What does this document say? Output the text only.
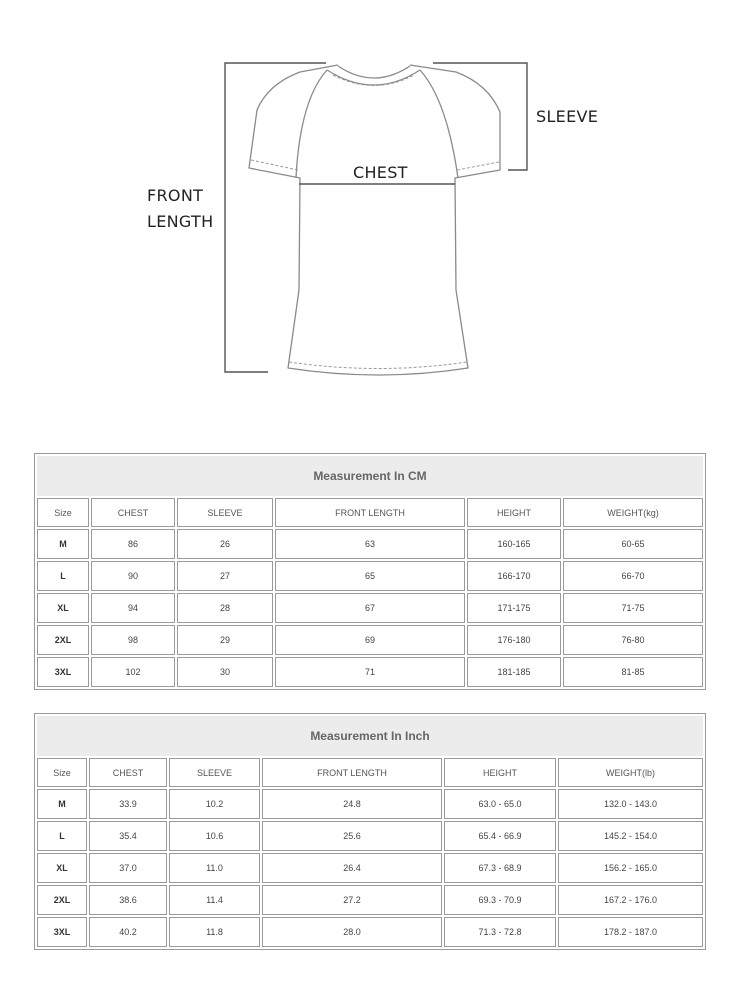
SLEEVE
CHEST
FRONT
LENGTH
Measurement In CM					
Size	CHEST	SLEEVE	FRONT LENGTH	HEIGHT	WEIGHT(kg)
M	86	26	63	160-165	60-65
L	90	27	65	166-170	66-70
XL	94	28	67	171-175	71-75
2XL	98	29	69	176-180	76-80
3XL	102	30	71	181-185	81-85
Measurement In Inch					
Size	CHEST	SLEEVE	FRONT LENGTH	HEIGHT	WEIGHT(lb)
M	33.9	10.2	24.8	63.0 - 65.0	132.0 - 143.0
L	35.4	10.6	25.6	65.4 - 66.9	145.2 - 154.0
XL	37.0	11.0	26.4	67.3 - 68.9	156.2 - 165.0
2XL	38.6	11.4	27.2	69.3 - 70.9	167.2 - 176.0
3XL	40.2	11.8	28.0	71.3 - 72.8	178.2 - 187.0
